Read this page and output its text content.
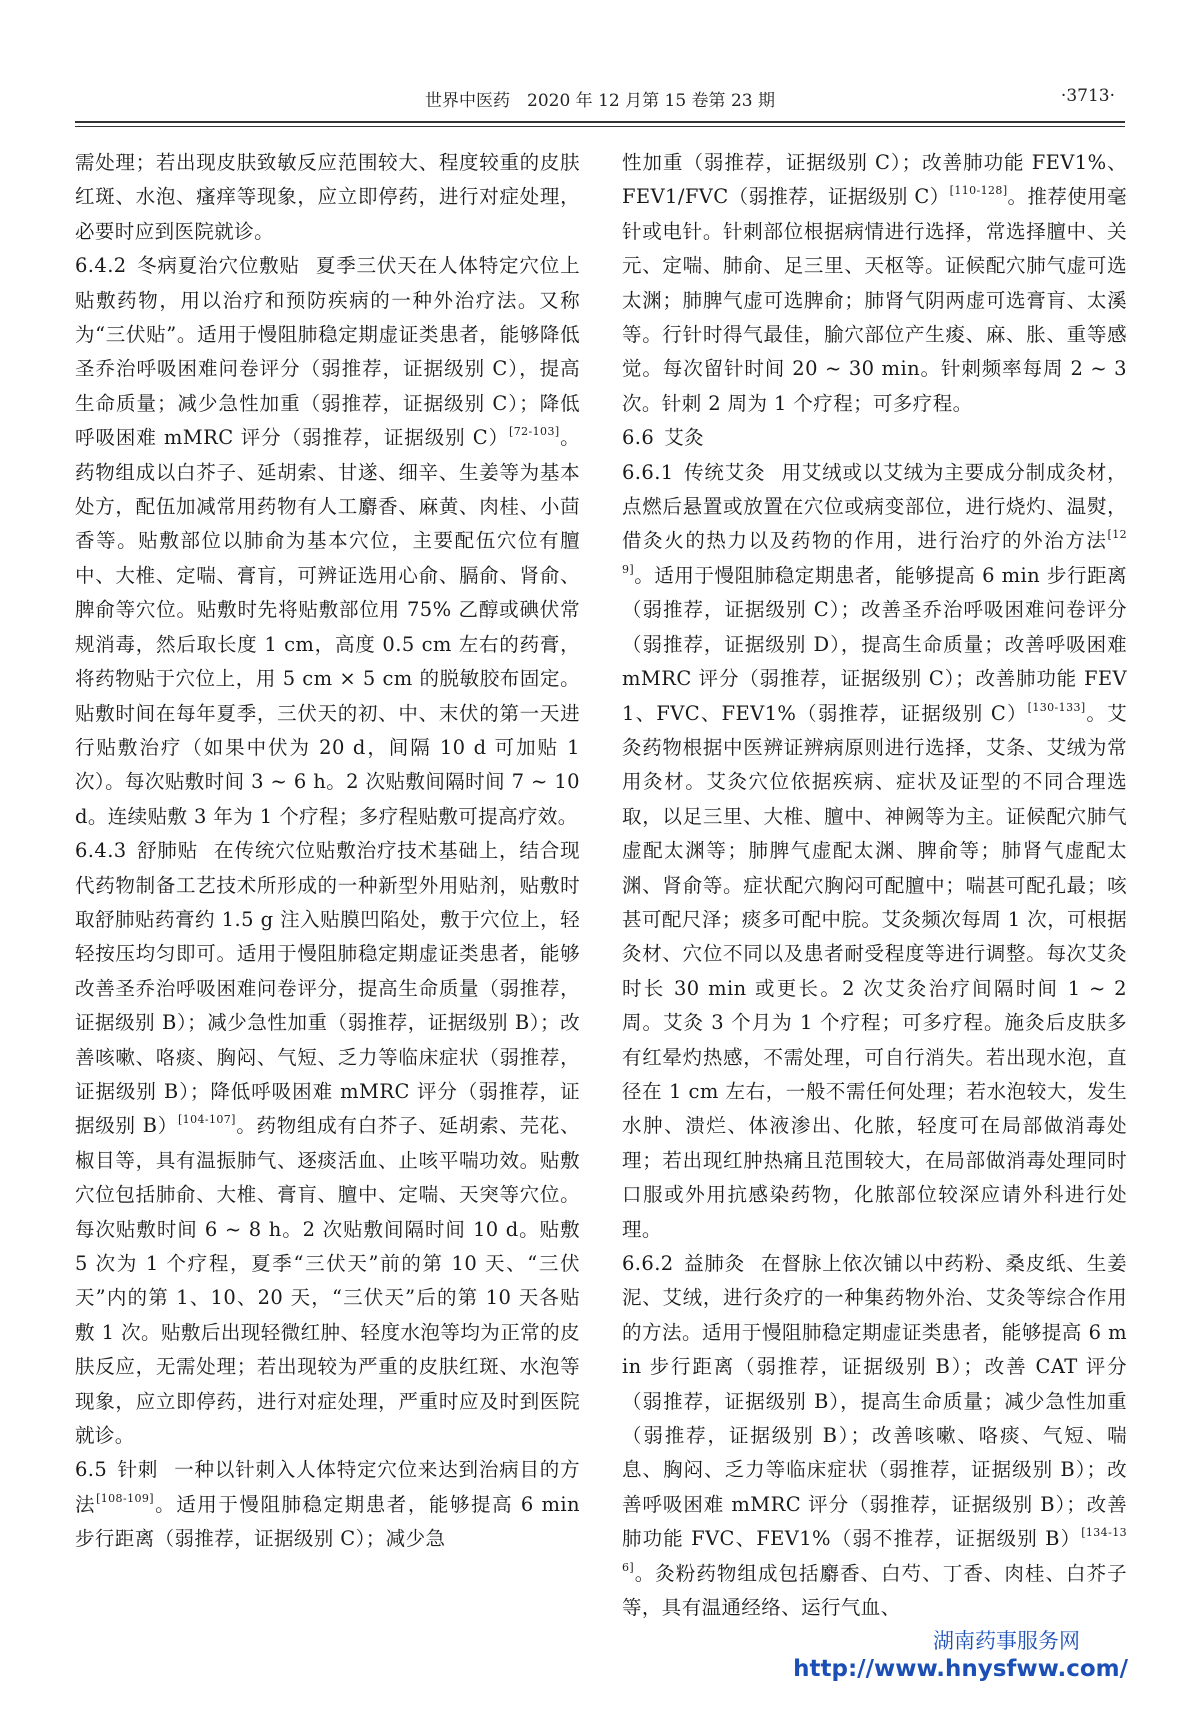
世界中医药　2020 年 12 月第 15 卷第 23 期	·3713·

需处理；若出现皮肤致敏反应范围较大、程度较重的皮肤红斑、水泡、瘙痒等现象，应立即停药，进行对症处理，必要时应到医院就诊。

6.4.2 冬病夏治穴位敷贴 夏季三伏天在人体特定穴位上贴敷药物，用以治疗和预防疾病的一种外治疗法。又称为“三伏贴”。适用于慢阻肺稳定期虚证类患者，能够降低圣乔治呼吸困难问卷评分（弱推荐，证据级别 C），提高生命质量；减少急性加重（弱推荐，证据级别 C）；降低呼吸困难 mMRC 评分（弱推荐，证据级别 C）[72-103]。药物组成以白芥子、延胡索、甘遂、细辛、生姜等为基本处方，配伍加减常用药物有人工麝香、麻黄、肉桂、小茴香等。贴敷部位以肺俞为基本穴位，主要配伍穴位有膻中、大椎、定喘、膏肓，可辨证选用心俞、膈俞、肾俞、脾俞等穴位。贴敷时先将贴敷部位用 75% 乙醇或碘伏常规消毒，然后取长度 1 cm，高度 0.5 cm 左右的药膏，将药物贴于穴位上，用 5 cm × 5 cm 的脱敏胶布固定。贴敷时间在每年夏季，三伏天的初、中、末伏的第一天进行贴敷治疗（如果中伏为 20 d，间隔 10 d 可加贴 1 次）。每次贴敷时间 3 ~ 6 h。2 次贴敷间隔时间 7 ~ 10 d。连续贴敷 3 年为 1 个疗程；多疗程贴敷可提高疗效。

6.4.3 舒肺贴 在传统穴位贴敷治疗技术基础上，结合现代药物制备工艺技术所形成的一种新型外用贴剂，贴敷时取舒肺贴药膏约 1.5 g 注入贴膜凹陷处，敷于穴位上，轻轻按压均匀即可。适用于慢阻肺稳定期虚证类患者，能够改善圣乔治呼吸困难问卷评分，提高生命质量（弱推荐，证据级别 B）；减少急性加重（弱推荐，证据级别 B）；改善咳嗽、咯痰、胸闷、气短、乏力等临床症状（弱推荐，证据级别 B）；降低呼吸困难 mMRC 评分（弱推荐，证据级别 B）[104-107]。药物组成有白芥子、延胡索、芫花、椒目等，具有温振肺气、逐痰活血、止咳平喘功效。贴敷穴位包括肺俞、大椎、膏肓、膻中、定喘、天突等穴位。每次贴敷时间 6 ~ 8 h。2 次贴敷间隔时间 10 d。贴敷 5 次为 1 个疗程，夏季“三伏天”前的第 10 天、“三伏天”内的第 1、10、20 天，“三伏天”后的第 10 天各贴敷 1 次。贴敷后出现轻微红肿、轻度水泡等均为正常的皮肤反应，无需处理；若出现较为严重的皮肤红斑、水泡等现象，应立即停药，进行对症处理，严重时应及时到医院就诊。

6.5 针刺 一种以针刺入人体特定穴位来达到治病目的方法[108-109]。适用于慢阻肺稳定期患者，能够提高 6 min 步行距离（弱推荐，证据级别 C）；减少急

性加重（弱推荐，证据级别 C）；改善肺功能 FEV1%、FEV1/FVC（弱推荐，证据级别 C）[110-128]。推荐使用毫针或电针。针刺部位根据病情进行选择，常选择膻中、关元、定喘、肺俞、足三里、天枢等。证候配穴肺气虚可选太渊；肺脾气虚可选脾俞；肺肾气阴两虚可选膏肓、太溪等。行针时得气最佳，腧穴部位产生痠、麻、胀、重等感觉。每次留针时间 20 ~ 30 min。针刺频率每周 2 ~ 3 次。针刺 2 周为 1 个疗程；可多疗程。

6.6 艾灸

6.6.1 传统艾灸 用艾绒或以艾绒为主要成分制成灸材，点燃后悬置或放置在穴位或病变部位，进行烧灼、温熨，借灸火的热力以及药物的作用，进行治疗的外治方法[129]。适用于慢阻肺稳定期患者，能够提高 6 min 步行距离（弱推荐，证据级别 C）；改善圣乔治呼吸困难问卷评分（弱推荐，证据级别 D），提高生命质量；改善呼吸困难 mMRC 评分（弱推荐，证据级别 C）；改善肺功能 FEV1、FVC、FEV1%（弱推荐，证据级别 C）[130-133]。艾灸药物根据中医辨证辨病原则进行选择，艾条、艾绒为常用灸材。艾灸穴位依据疾病、症状及证型的不同合理选取，以足三里、大椎、膻中、神阙等为主。证候配穴肺气虚配太渊等；肺脾气虚配太渊、脾俞等；肺肾气虚配太渊、肾俞等。症状配穴胸闷可配膻中；喘甚可配孔最；咳甚可配尺泽；痰多可配中脘。艾灸频次每周 1 次，可根据灸材、穴位不同以及患者耐受程度等进行调整。每次艾灸时长 30 min 或更长。2 次艾灸治疗间隔时间 1 ~ 2 周。艾灸 3 个月为 1 个疗程；可多疗程。施灸后皮肤多有红晕灼热感，不需处理，可自行消失。若出现水泡，直径在 1 cm 左右，一般不需任何处理；若水泡较大，发生水肿、溃烂、体液渗出、化脓，轻度可在局部做消毒处理；若出现红肿热痛且范围较大，在局部做消毒处理同时口服或外用抗感染药物，化脓部位较深应请外科进行处理。

6.6.2 益肺灸 在督脉上依次铺以中药粉、桑皮纸、生姜泥、艾绒，进行灸疗的一种集药物外治、艾灸等综合作用的方法。适用于慢阻肺稳定期虚证类患者，能够提高 6 min 步行距离（弱推荐，证据级别 B）；改善 CAT 评分（弱推荐，证据级别 B），提高生命质量；减少急性加重（弱推荐，证据级别 B）；改善咳嗽、咯痰、气短、喘息、胸闷、乏力等临床症状（弱推荐，证据级别 B）；改善呼吸困难 mMRC 评分（弱推荐，证据级别 B）；改善肺功能 FVC、FEV1%（弱不推荐，证据级别 B）[134-136]。灸粉药物组成包括麝香、白芍、丁香、肉桂、白芥子等，具有温通经络、运行气血、

湖南药事服务网
http://www.hnysfww.com/
